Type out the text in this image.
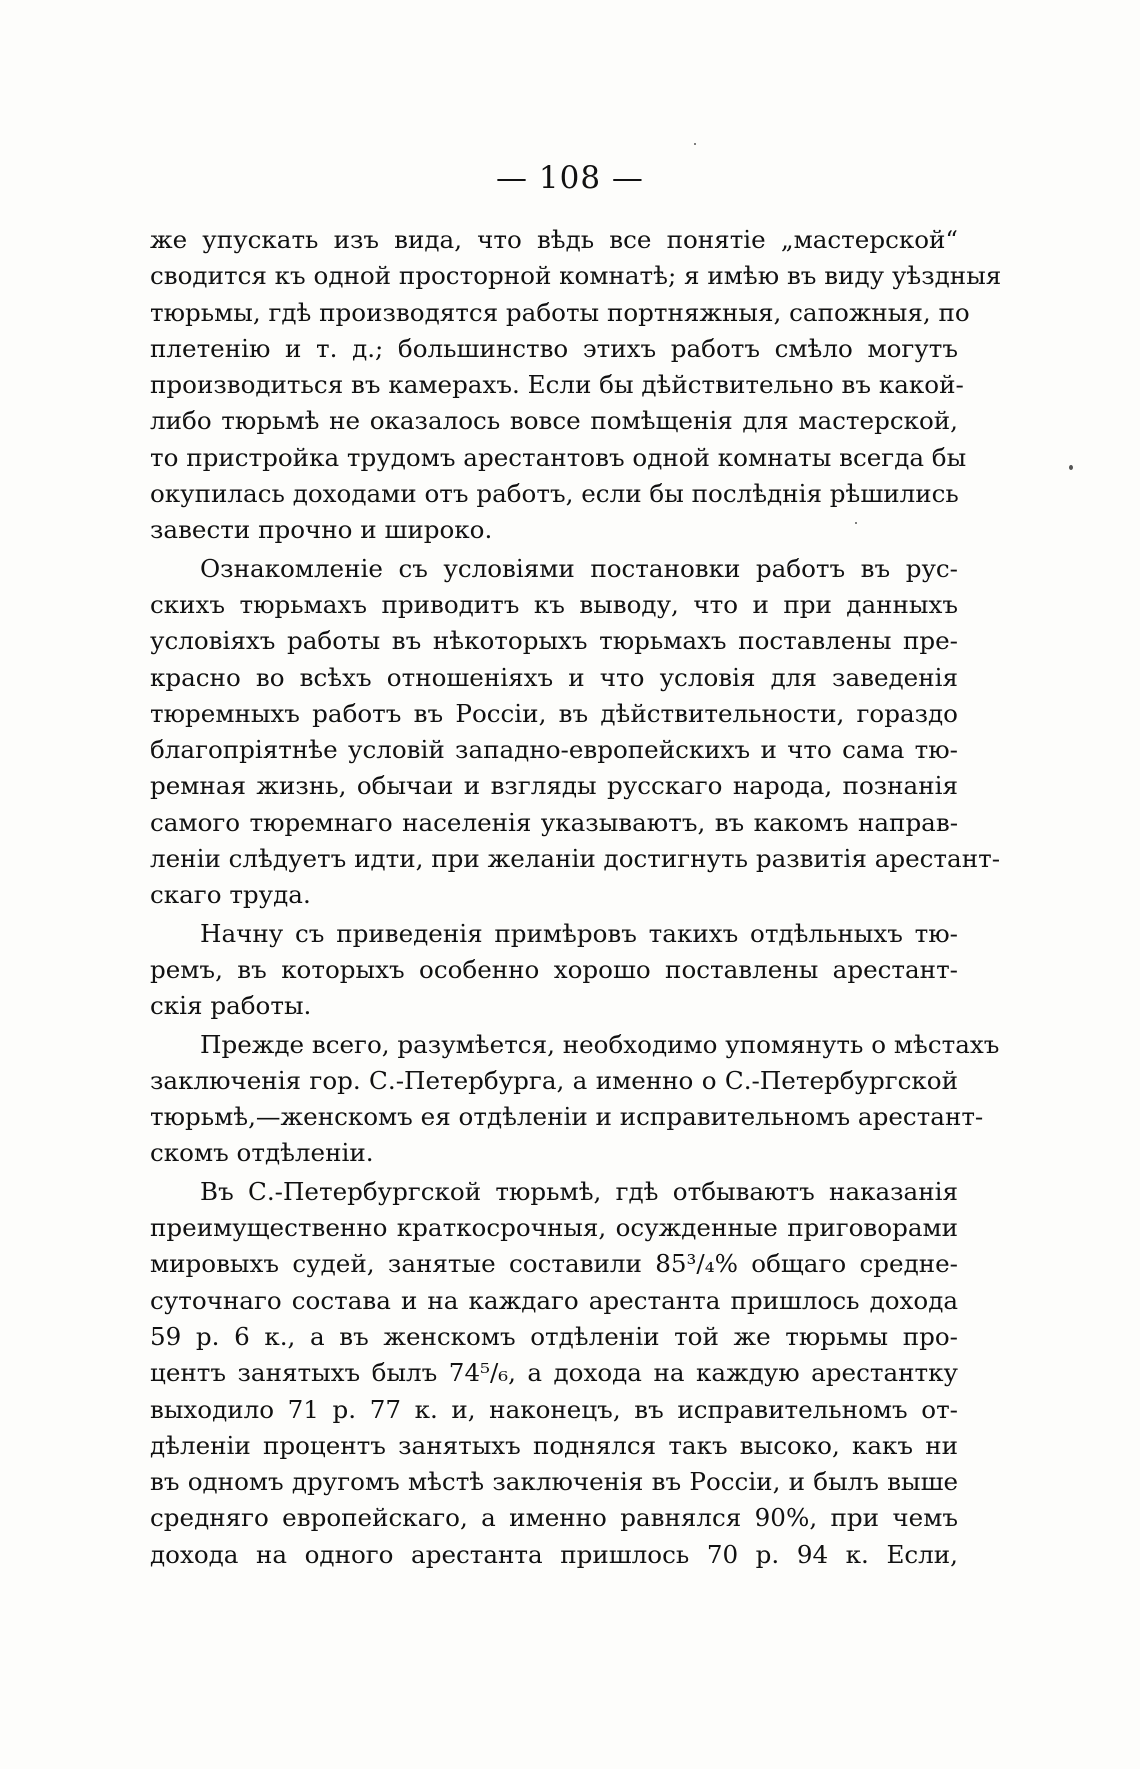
— 108 —
же упускать изъ вида, что вѣдь все понятіе „мастерской“
сводится къ одной просторной комнатѣ; я имѣю въ виду уѣздныя
тюрьмы, гдѣ производятся работы портняжныя, сапожныя, по
плетенію и т. д.; большинство этихъ работъ смѣло могутъ
производиться въ камерахъ. Если бы дѣйствительно въ какой-
либо тюрьмѣ не оказалось вовсе помѣщенія для мастерской,
то пристройка трудомъ арестантовъ одной комнаты всегда бы
окупилась доходами отъ работъ, если бы послѣднія рѣшились
завести прочно и широко.
Ознакомленіе съ условіями постановки работъ въ рус-
скихъ тюрьмахъ приводитъ къ выводу, что и при данныхъ
условіяхъ работы въ нѣкоторыхъ тюрьмахъ поставлены пре-
красно во всѣхъ отношеніяхъ и что условія для заведенія
тюремныхъ работъ въ Россіи, въ дѣйствительности, гораздо
благопріятнѣе условій западно-европейскихъ и что сама тю-
ремная жизнь, обычаи и взгляды русскаго народа, познанія
самого тюремнаго населенія указываютъ, въ какомъ направ-
леніи слѣдуетъ идти, при желаніи достигнуть развитія арестант-
скаго труда.
Начну съ приведенія примѣровъ такихъ отдѣльныхъ тю-
ремъ, въ которыхъ особенно хорошо поставлены арестант-
скія работы.
Прежде всего, разумѣется, необходимо упомянуть о мѣстахъ
заключенія гор. С.-Петербурга, а именно о С.-Петербургской
тюрьмѣ,—женскомъ ея отдѣленіи и исправительномъ арестант-
скомъ отдѣленіи.
Въ С.-Петербургской тюрьмѣ, гдѣ отбываютъ наказанія
преимущественно краткосрочныя, осужденные приговорами
мировыхъ судей, занятые составили 85³/₄% общаго средне-
суточнаго состава и на каждаго арестанта пришлось дохода
59 р. 6 к., а въ женскомъ отдѣленіи той же тюрьмы про-
центъ занятыхъ былъ 74⁵/₆, а дохода на каждую арестантку
выходило 71 р. 77 к. и, наконецъ, въ исправительномъ от-
дѣленіи процентъ занятыхъ поднялся такъ высоко, какъ ни
въ одномъ другомъ мѣстѣ заключенія въ Россіи, и былъ выше
средняго европейскаго, а именно равнялся 90%, при чемъ
дохода на одного арестанта пришлось 70 р. 94 к. Если,
